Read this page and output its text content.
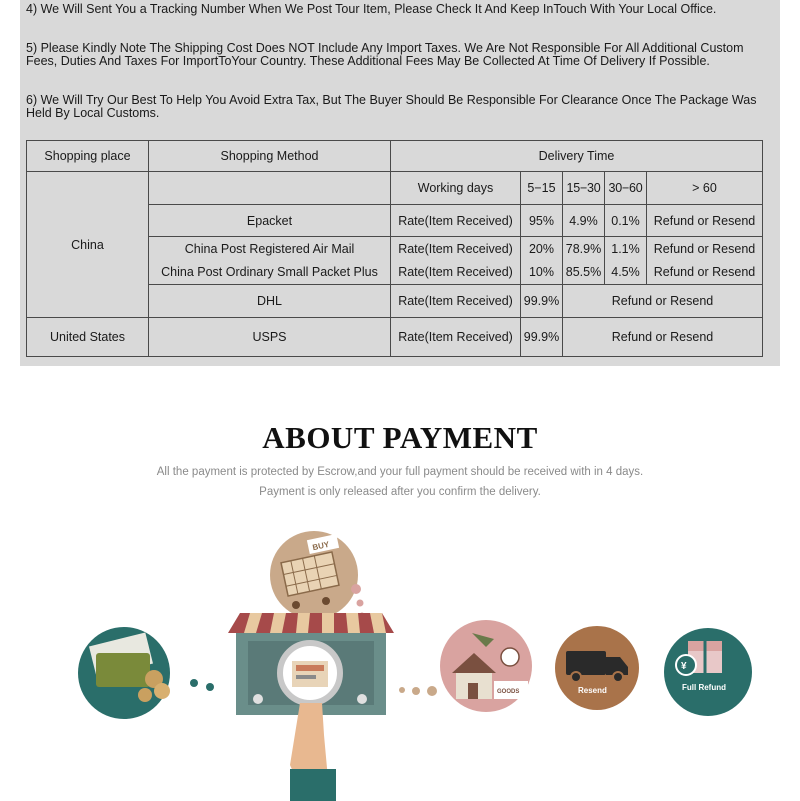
4) We Will Sent You a Tracking Number When We Post Tour Item, Please Check It And Keep InTouch With Your Local Office.

5) Please Kindly Note The Shipping Cost Does NOT Include Any Import Taxes. We Are Not Responsible For All Additional Custom Fees, Duties And Taxes For ImportToYour Country. These Additional Fees May Be Collected At Time Of Delivery If Possible.

6) We Will Try Our Best To Help You Avoid Extra Tax, But The Buyer Should Be Responsible For Clearance Once The Package Was Held By Local Customs.

Shopping place	Shopping Method	Delivery Time				
China		Working days	5−15	15−30	30−60	> 60
	Epacket	Rate(Item Received)	95%	4.9%	0.1%	Refund or Resend
	China Post Registered Air Mail	Rate(Item Received)	20%	78.9%	1.1%	Refund or Resend
	China Post Ordinary Small Packet Plus	Rate(Item Received)	10%	85.5%	4.5%	Refund or Resend
	DHL	Rate(Item Received)	99.9%	Refund or Resend		
United States	USPS	Rate(Item Received)	99.9%	Refund or Resend		
ABOUT PAYMENT
All the payment is protected by Escrow,and your full payment should be received with in 4 days.
Payment is only released after you confirm the delivery.
BUY
GOODS	Resend
¥
Full Refund
